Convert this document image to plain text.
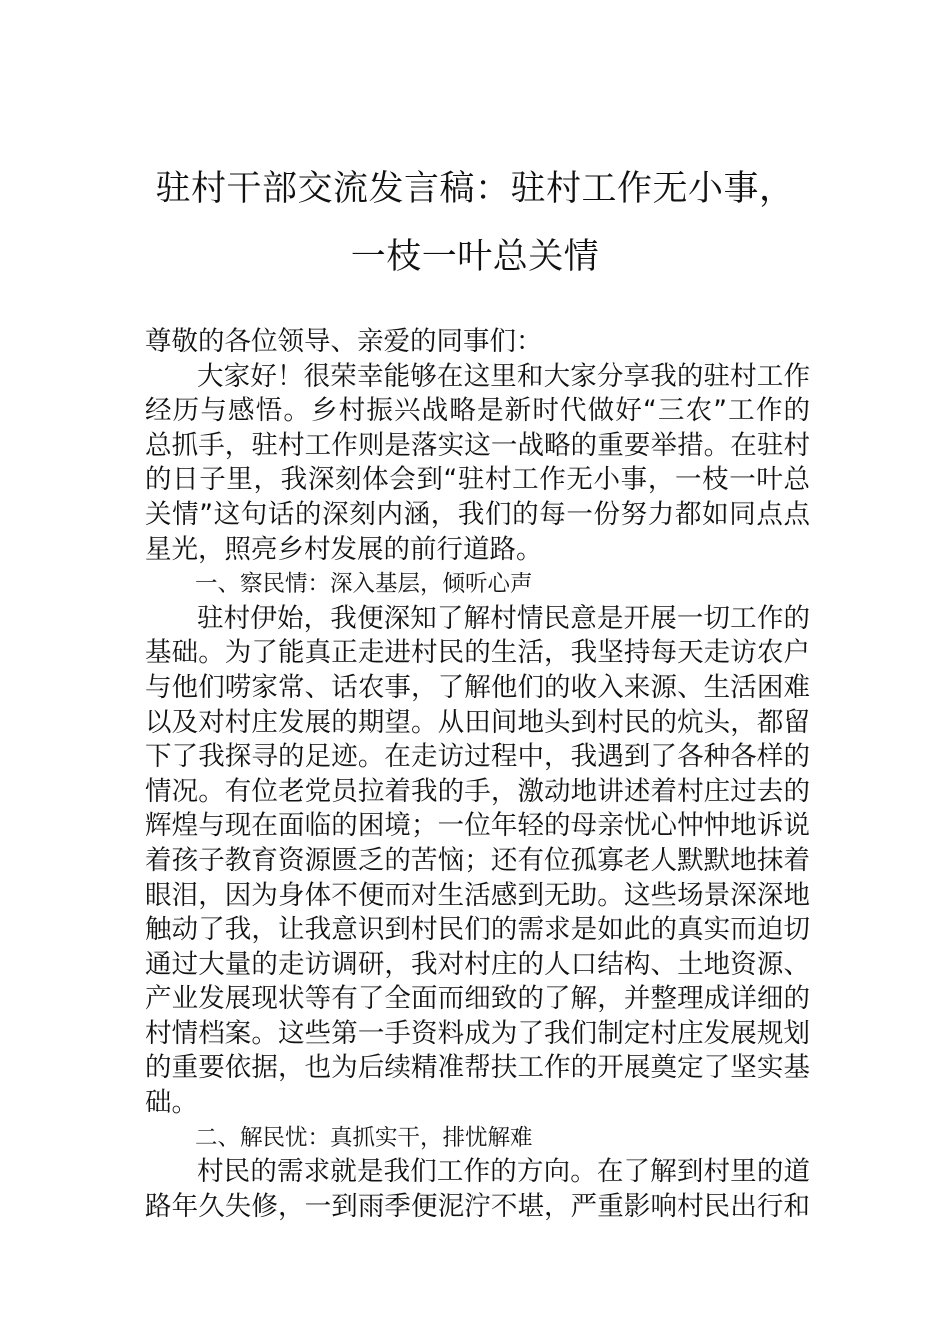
驻村干部交流发言稿：驻村工作无小事，
一枝一叶总关情
尊敬的各位领导、亲爱的同事们：
大家好！很荣幸能够在这里和大家分享我的驻村工作
经历与感悟。乡村振兴战略是新时代做好“三农”工作的
总抓手，驻村工作则是落实这一战略的重要举措。在驻村
的日子里，我深刻体会到“驻村工作无小事，一枝一叶总
关情”这句话的深刻内涵，我们的每一份努力都如同点点
星光，照亮乡村发展的前行道路。
一、察民情：深入基层，倾听心声
驻村伊始，我便深知了解村情民意是开展一切工作的
基础。为了能真正走进村民的生活，我坚持每天走访农户
与他们唠家常、话农事，了解他们的收入来源、生活困难
以及对村庄发展的期望。从田间地头到村民的炕头，都留
下了我探寻的足迹。在走访过程中，我遇到了各种各样的
情况。有位老党员拉着我的手，激动地讲述着村庄过去的
辉煌与现在面临的困境；一位年轻的母亲忧心忡忡地诉说
着孩子教育资源匮乏的苦恼；还有位孤寡老人默默地抹着
眼泪，因为身体不便而对生活感到无助。这些场景深深地
触动了我，让我意识到村民们的需求是如此的真实而迫切
通过大量的走访调研，我对村庄的人口结构、土地资源、
产业发展现状等有了全面而细致的了解，并整理成详细的
村情档案。这些第一手资料成为了我们制定村庄发展规划
的重要依据，也为后续精准帮扶工作的开展奠定了坚实基
础。
二、解民忧：真抓实干，排忧解难
村民的需求就是我们工作的方向。在了解到村里的道
路年久失修，一到雨季便泥泞不堪，严重影响村民出行和
